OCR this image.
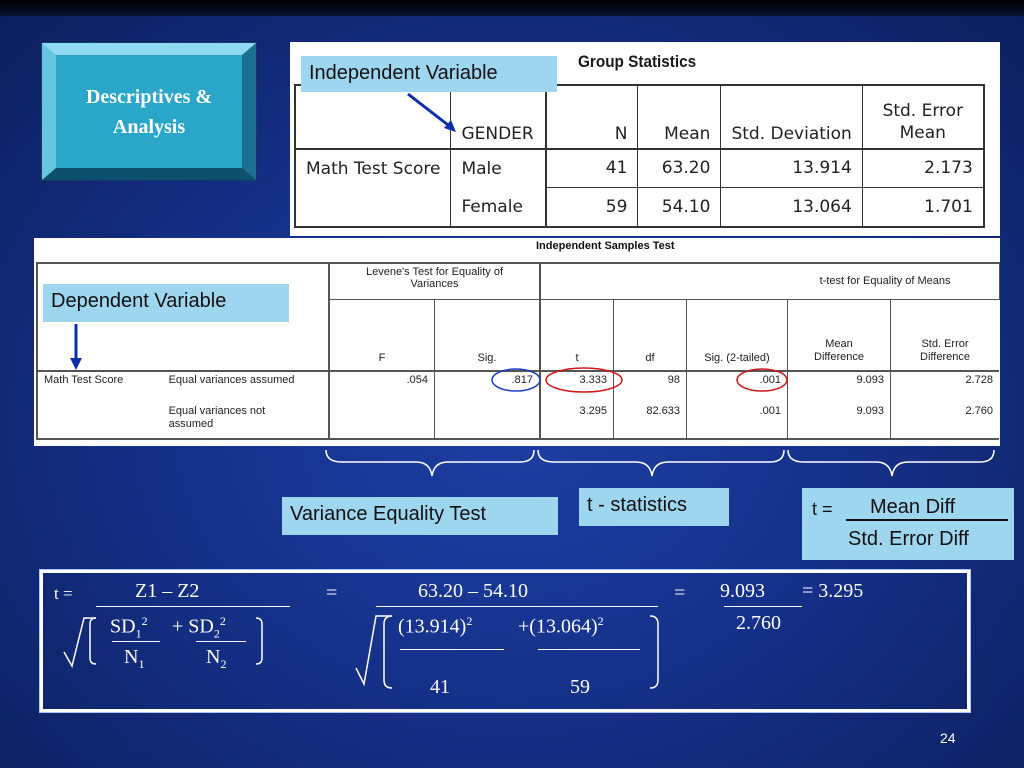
Descriptives & Analysis
Group Statistics
	GENDER	N	Mean	Std. Deviation	Std. Error Mean
Math Test Score	Male	41	63.20	13.914	2.173
	Female	59	54.10	13.064	1.701
Independent Variable
Independent Samples Test
		Levene's Test for Equality of Variances		t-test for Equality of Means				
		F	Sig.	t	df	Sig. (2-tailed)	Mean Difference	Std. Error Difference
Math Test Score	Equal variances assumed	.054	.817	3.333	98	.001	9.093	2.728
	Equal variances not assumed			3.295	82.633	.001	9.093	2.760
Dependent Variable
Variance Equality Test	t - statistics	t = Mean Diff
Std. Error Diff
t =	Z1 – Z2
$SD_1^2 + SD_2^2$
$N_1$	$N_2$
=	63.20 – 54.10
$(13.914)^2 +(13.064)^2$
41	59
= 9.093 = 3.295
2.760
24
